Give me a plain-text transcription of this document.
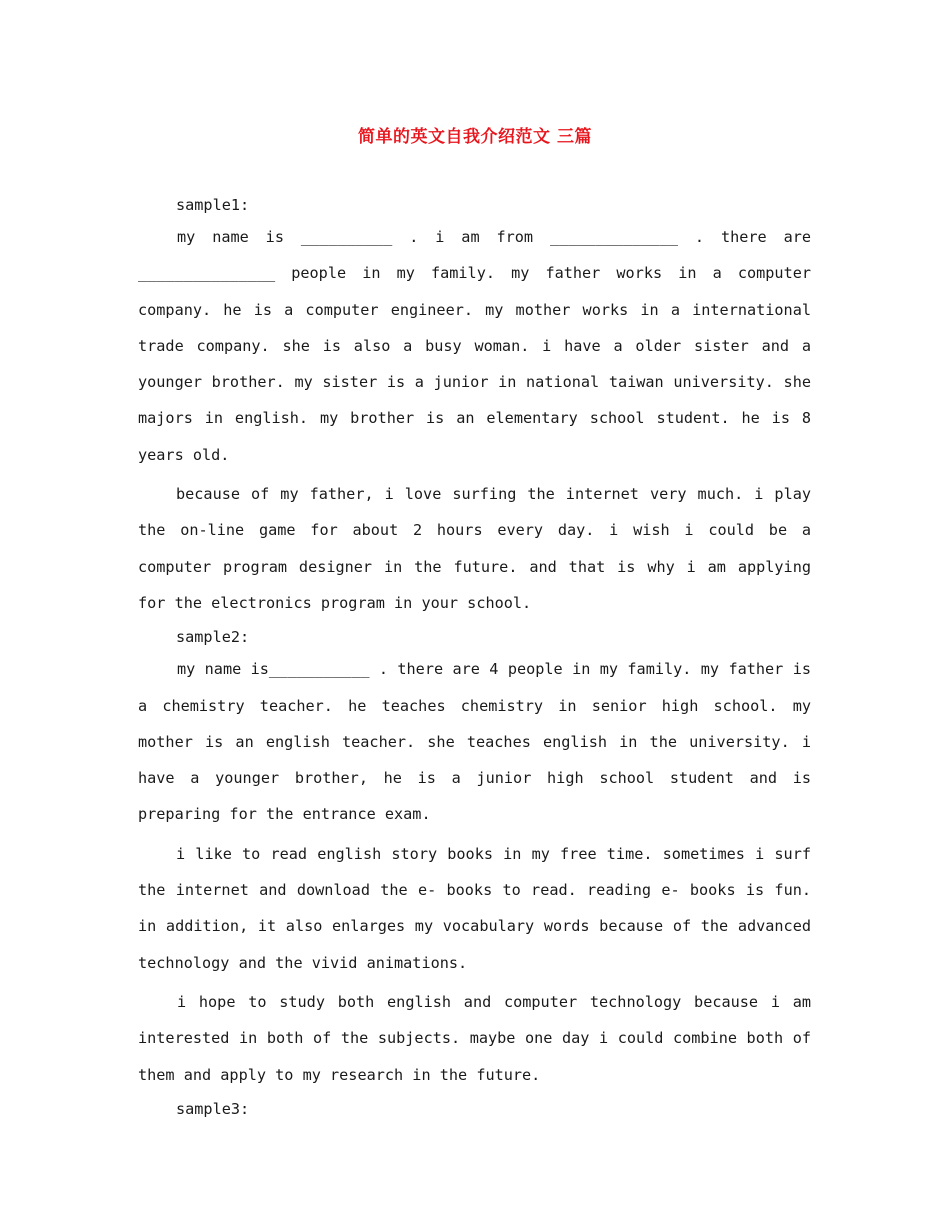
简单的英文自我介绍范文 三篇

sample1:

my name is __________ . i am from ______________ . there are _______________ people in my family. my father works in a computer company. he is a computer engineer. my mother works in a international trade company. she is also a busy woman. i have a older sister and a younger brother. my sister is a junior in national taiwan university. she majors in english. my brother is an elementary school student. he is 8 years old.

because of my father, i love surfing the internet very much. i play the on-line game for about 2 hours every day. i wish i could be a computer program designer in the future. and that is why i am applying for the electronics program in your school.

sample2:

my name is___________ . there are 4 people in my family. my father is a chemistry teacher. he teaches chemistry in senior high school. my mother is an english teacher. she teaches english in the university. i have a younger brother, he is a junior high school student and is preparing for the entrance exam.

i like to read english story books in my free time. sometimes i surf the internet and download the e- books to read. reading e- books is fun. in addition, it also enlarges my vocabulary words because of the advanced technology and the vivid animations.

i hope to study both english and computer technology because i am interested in both of the subjects. maybe one day i could combine both of them and apply to my research in the future.

sample3:
